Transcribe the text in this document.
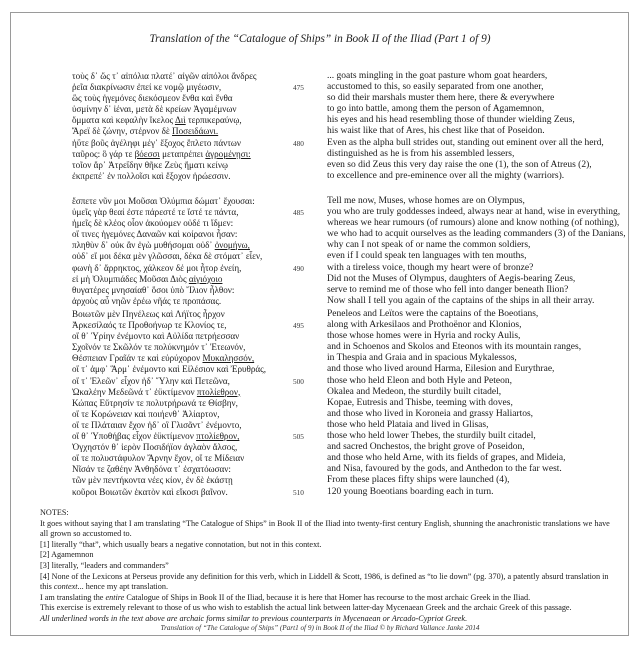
Translation of the “Catalogue of Ships” in Book II of the Iliad (Part 1 of 9)
τοὺς δ᾽ ὥς τ᾽ αἰπόλια πλατέ᾽ αἰγῶν αἰπόλοι ἄνδρες
ῥεῖα διακρίνωσιν ἐπεί κε νομῷ μιγέωσιν,
ὣς τοὺς ἡγεμόνες διεκόσμεον ἔνθα καὶ ἔνθα
ὑσμίνην δ᾽ ἰέναι, μετὰ δὲ κρείων Ἀγαμέμνων
ὄμματα καὶ κεφαλὴν ἴκελος Διὶ τερπικεραύνῳ,
Ἄρεϊ δὲ ζώνην, στέρνον δὲ Ποσειδάωνι.
ἠΰτε βοῦς ἀγέληφι μέγ᾽ ἔξοχος ἔπλετο πάντων
ταῦρος: ὃ γάρ τε βόεσσι μεταπρέπει ἀγρομένῃσι:
τοῖον ἄρ᾽ Ἀτρεΐδην θῆκε Ζεὺς ἤματι κείνῳ
ἐκπρεπέ᾽ ἐν πολλοῖσι καὶ ἔξοχον ἡρώεσσιν.
475
480
... goats mingling in the goat pasture whom goat hearders,
accustomed to this, so easily separated from one another,
so did their marshals muster them here, there & everywhere
to go into battle, among them the person of Agamemnon,
his eyes and his head resembling those of thunder wielding Zeus,
his waist like that of Ares, his chest like that of Poseidon.
Even as the alpha bull strides out, standing out eminent over all the herd,
distinguished as he is from his assembled lessers,
even so did Zeus this very day raise the one (1), the son of Atreus (2),
to excellence and pre-eminence over all the mighty (warriors).
ἔσπετε νῦν μοι Μοῦσαι Ὀλύμπια δώματ᾽ ἔχουσαι:
ὑμεῖς γὰρ θεαί ἐστε πάρεστέ τε ἴστέ τε πάντα,
ἡμεῖς δὲ κλέος οἶον ἀκούομεν οὐδέ τι ἴδμεν:
οἵ τινες ἡγεμόνες Δαναῶν καὶ κοίρανοι ἦσαν:
πληθὺν δ᾽ οὐκ ἂν ἐγὼ μυθήσομαι οὐδ᾽ ὀνομήνω,
οὐδ᾽ εἴ μοι δέκα μὲν γλῶσσαι, δέκα δὲ στόματ᾽ εἶεν,
φωνὴ δ᾽ ἄρρηκτος, χάλκεον δέ μοι ἦτορ ἐνείη,
εἰ μὴ Ὀλυμπιάδες Μοῦσαι Διὸς αἰγιόχοιο
θυγατέρες μνησαίαθ᾽ ὅσοι ὑπὸ Ἴλιον ἦλθον:
ἀρχοὺς αὖ νηῶν ἐρέω νῆάς τε προπάσας.
485
490
Tell me now, Muses, whose homes are on Olympus,
you who are truly goddesses indeed, always near at hand, wise in everything,
whereas we hear rumours (of rumours) alone and know nothing (of nothing),
we who had to acquit ourselves as the leading commanders (3) of the Danians,
why can I not speak of or name the common soldiers,
even if I could speak ten languages with ten mouths,
with a tireless voice, though my heart were of bronze?
Did not the Muses of Olympus, daughters of Aegis-bearing Zeus,
serve to remind me of those who fell into danger beneath Ilion?
Now shall I tell you again of the captains of the ships in all their array.
Βοιωτῶν μὲν Πηνέλεως καὶ Λήϊτος ἦρχον
Ἀρκεσίλαός τε Προθοήνωρ τε Κλονίος τε,
οἵ θ᾽ Ὑρίην ἐνέμοντο καὶ Αὐλίδα πετρήεσσαν
Σχοῖνόν τε Σκῶλόν τε πολύκνημόν τ᾽ Ἐτεωνόν,
Θέσπειαν Γραῖάν τε καὶ εὐρύχορον Μυκαλησσόν,
οἵ τ᾽ ἀμφ᾽ Ἅρμ᾽ ἐνέμοντο καὶ Εἰλέσιον καὶ Ἐρυθράς,
οἵ τ᾽ Ἐλεῶν᾽ εἶχον ἠδ᾽ Ὕλην καὶ Πετεῶνα,
Ὠκαλέην Μεδεῶνά τ᾽ ἐϋκτίμενον πτολίεθρον,
Κώπας Εὔτρησίν τε πολυτρήρωνά τε Θίσβην,
οἵ τε Κορώνειαν καὶ ποιήενθ᾽ Ἁλίαρτον,
οἵ τε Πλάταιαν ἔχον ἠδ᾽ οἳ Γλισᾶντ᾽ ἐνέμοντο,
οἵ θ᾽ Ὑποθήβας εἶχον ἐϋκτίμενον πτολίεθρον,
Ὀγχηστόν θ᾽ ἱερὸν Ποσιδήϊον ἀγλαὸν ἄλσος,
οἵ τε πολυστάφυλον Ἄρνην ἔχον, οἵ τε Μίδειαν
Νῖσάν τε ζαθέην Ἀνθηδόνα τ᾽ ἐσχατόωσαν:
τῶν μὲν πεντήκοντα νέες κίον, ἐν δὲ ἑκάστῃ
κοῦροι Βοιωτῶν ἑκατὸν καὶ εἴκοσι βαῖνον.
495
500
505
510
Peneleos and Leïtos were the captains of the Boeotians,
along with Arkesilaos and Prothoënor and Klonios,
those whose homes were in Hyria and rocky Aulis,
and in Schoenos and Skolos and Eteonos with its mountain ranges,
in Thespia and Graia and in spacious Mykalessos,
and those who lived around Harma, Eilesion and Eurythrae,
those who held Eleon and both Hyle and Peteon,
Okalea and Medeon, the sturdily built citadel,
Kopae, Eutresis and Thisbe, teeming with doves,
and those who lived in Koroneia and grassy Haliartos,
those who held Plataia and lived in Glisas,
those who held lower Thebes, the sturdily built citadel,
and sacred Onchestos, the bright grove of Poseidon,
and those who held Arne, with its fields of grapes, and Mideia,
and Nisa, favoured by the gods, and Anthedon to the far west.
From these places fifty ships were launched (4),
120 young Boeotians boarding each in turn.
NOTES:
It goes without saying that I am translating “The Catalogue of Ships” in Book II of the Iliad into twenty-first century English, shunning the anachronistic translations we have all grown so accustomed to.
[1] literally “that”, which usually bears a negative connotation, but not in this context.
[2] Agamemnon
[3] literally, “leaders and commanders”
[4] None of the Lexicons at Perseus provide any definition for this verb, which in Liddell & Scott, 1986, is defined as “to lie down” (pg. 370), a patently absurd translation in this context... hence my apt translation.
I am translating the entire Catalogue of Ships in Book II of the Iliad, because it is here that Homer has recourse to the most archaic Greek in the Iliad.
This exercise is extremely relevant to those of us who wish to establish the actual link between latter-day Mycenaean Greek and the archaic Greek of this passage.
All underlined words in the text above are archaic forms similar to previous counterparts in Mycenaean or Arcado-Cypriot Greek.
Translation of “The Catalogue of Ships” (Part1 of 9) in Book II of the Iliad © by Richard Vallance Janke 2014
